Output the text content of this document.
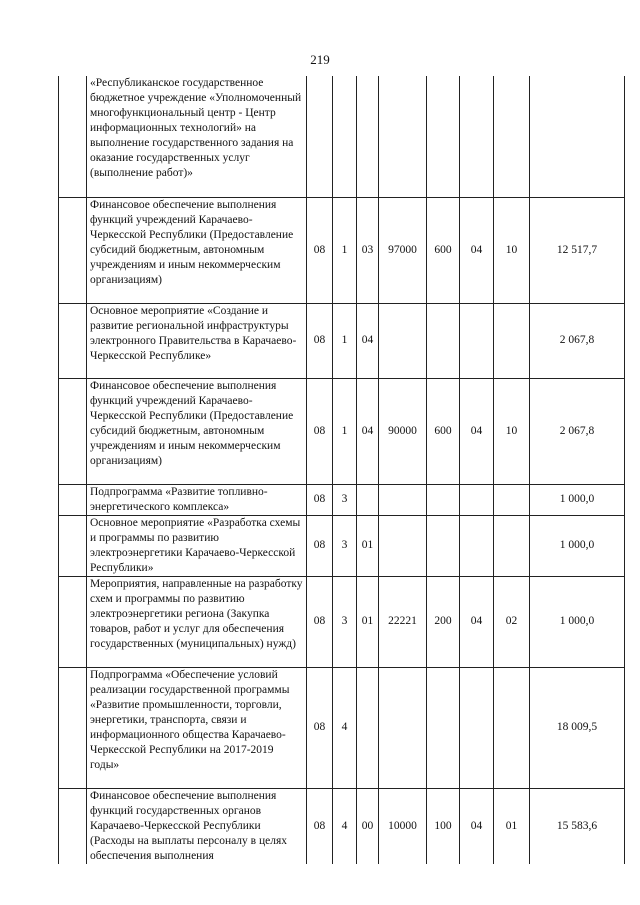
219
	«Республиканское государственное бюджетное учреждение «Уполномоченный многофункциональный центр - Центр информационных технологий» на выполнение государственного задания на оказание государственных услуг (выполнение работ)»								
	Финансовое обеспечение выполнения функций учреждений Карачаево-Черкесской Республики (Предоставление субсидий бюджетным, автономным учреждениям и иным некоммерческим организациям)	08	1	03	97000	600	04	10	12 517,7
	Основное мероприятие «Создание и развитие региональной инфраструктуры электронного Правительства в Карачаево-Черкесской Республике»	08	1	04					2 067,8
	Финансовое обеспечение выполнения функций учреждений Карачаево-Черкесской Республики (Предоставление субсидий бюджетным, автономным учреждениям и иным некоммерческим организациям)	08	1	04	90000	600	04	10	2 067,8
	Подпрограмма «Развитие топливно-энергетического комплекса»	08	3						1 000,0
	Основное мероприятие «Разработка схемы и программы по развитию электроэнергетики Карачаево-Черкесской Республики»	08	3	01					1 000,0
	Мероприятия, направленные на разработку схем и программы по развитию электроэнергетики региона (Закупка товаров, работ и услуг для обеспечения государственных (муниципальных) нужд)	08	3	01	22221	200	04	02	1 000,0
	Подпрограмма «Обеспечение условий реализации государственной программы «Развитие промышленности, торговли, энергетики, транспорта, связи и информационного общества Карачаево-Черкесской Республики на 2017-2019 годы»	08	4						18 009,5
	Финансовое обеспечение выполнения функций государственных органов Карачаево-Черкесской Республики (Расходы на выплаты персоналу в целях обеспечения выполнения	08	4	00	10000	100	04	01	15 583,6
